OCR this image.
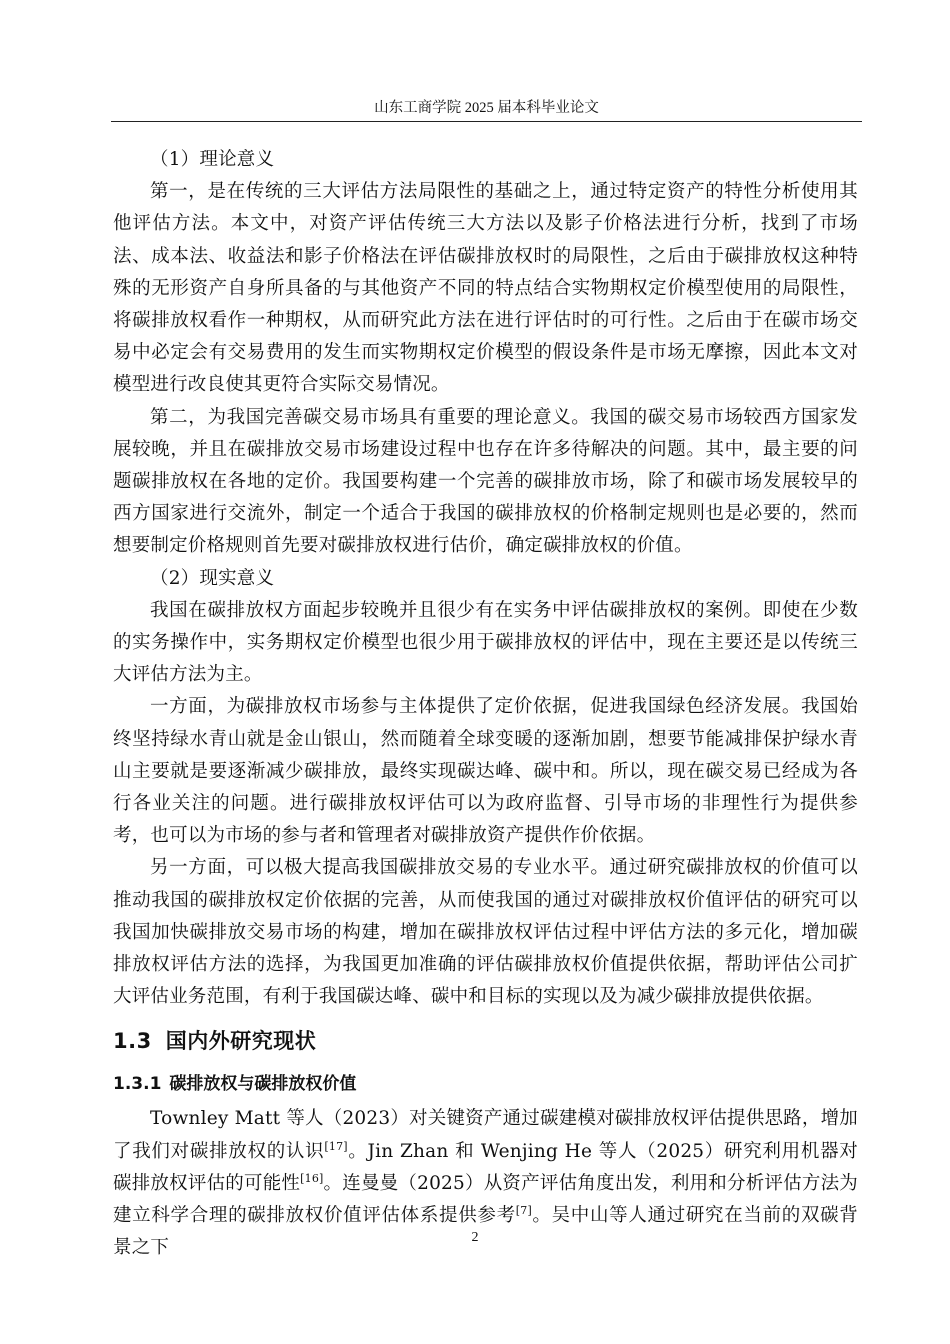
山东工商学院 2025 届本科毕业论文

（1）理论意义

第一，是在传统的三大评估方法局限性的基础之上，通过特定资产的特性分析使用其他评估方法。本文中，对资产评估传统三大方法以及影子价格法进行分析，找到了市场法、成本法、收益法和影子价格法在评估碳排放权时的局限性，之后由于碳排放权这种特殊的无形资产自身所具备的与其他资产不同的特点结合实物期权定价模型使用的局限性，将碳排放权看作一种期权，从而研究此方法在进行评估时的可行性。之后由于在碳市场交易中必定会有交易费用的发生而实物期权定价模型的假设条件是市场无摩擦，因此本文对模型进行改良使其更符合实际交易情况。

第二，为我国完善碳交易市场具有重要的理论意义。我国的碳交易市场较西方国家发展较晚，并且在碳排放交易市场建设过程中也存在许多待解决的问题。其中，最主要的问题碳排放权在各地的定价。我国要构建一个完善的碳排放市场，除了和碳市场发展较早的西方国家进行交流外，制定一个适合于我国的碳排放权的价格制定规则也是必要的，然而想要制定价格规则首先要对碳排放权进行估价，确定碳排放权的价值。

（2）现实意义

我国在碳排放权方面起步较晚并且很少有在实务中评估碳排放权的案例。即使在少数的实务操作中，实务期权定价模型也很少用于碳排放权的评估中，现在主要还是以传统三大评估方法为主。

一方面，为碳排放权市场参与主体提供了定价依据，促进我国绿色经济发展。我国始终坚持绿水青山就是金山银山，然而随着全球变暖的逐渐加剧，想要节能减排保护绿水青山主要就是要逐渐减少碳排放，最终实现碳达峰、碳中和。所以，现在碳交易已经成为各行各业关注的问题。进行碳排放权评估可以为政府监督、引导市场的非理性行为提供参考，也可以为市场的参与者和管理者对碳排放资产提供作价依据。

另一方面，可以极大提高我国碳排放交易的专业水平。通过研究碳排放权的价值可以推动我国的碳排放权定价依据的完善，从而使我国的通过对碳排放权价值评估的研究可以我国加快碳排放交易市场的构建，增加在碳排放权评估过程中评估方法的多元化，增加碳排放权评估方法的选择，为我国更加准确的评估碳排放权价值提供依据，帮助评估公司扩大评估业务范围，有利于我国碳达峰、碳中和目标的实现以及为减少碳排放提供依据。

1.3 国内外研究现状
1.3.1 碳排放权与碳排放权价值

Townley Matt 等人（2023）对关键资产通过碳建模对碳排放权评估提供思路，增加了我们对碳排放权的认识[17]。Jin Zhan 和 Wenjing He 等人（2025）研究利用机器对碳排放权评估的可能性[16]。连曼曼（2025）从资产评估角度出发，利用和分析评估方法为建立科学合理的碳排放权价值评估体系提供参考[7]。吴中山等人通过研究在当前的双碳背景之下	2
